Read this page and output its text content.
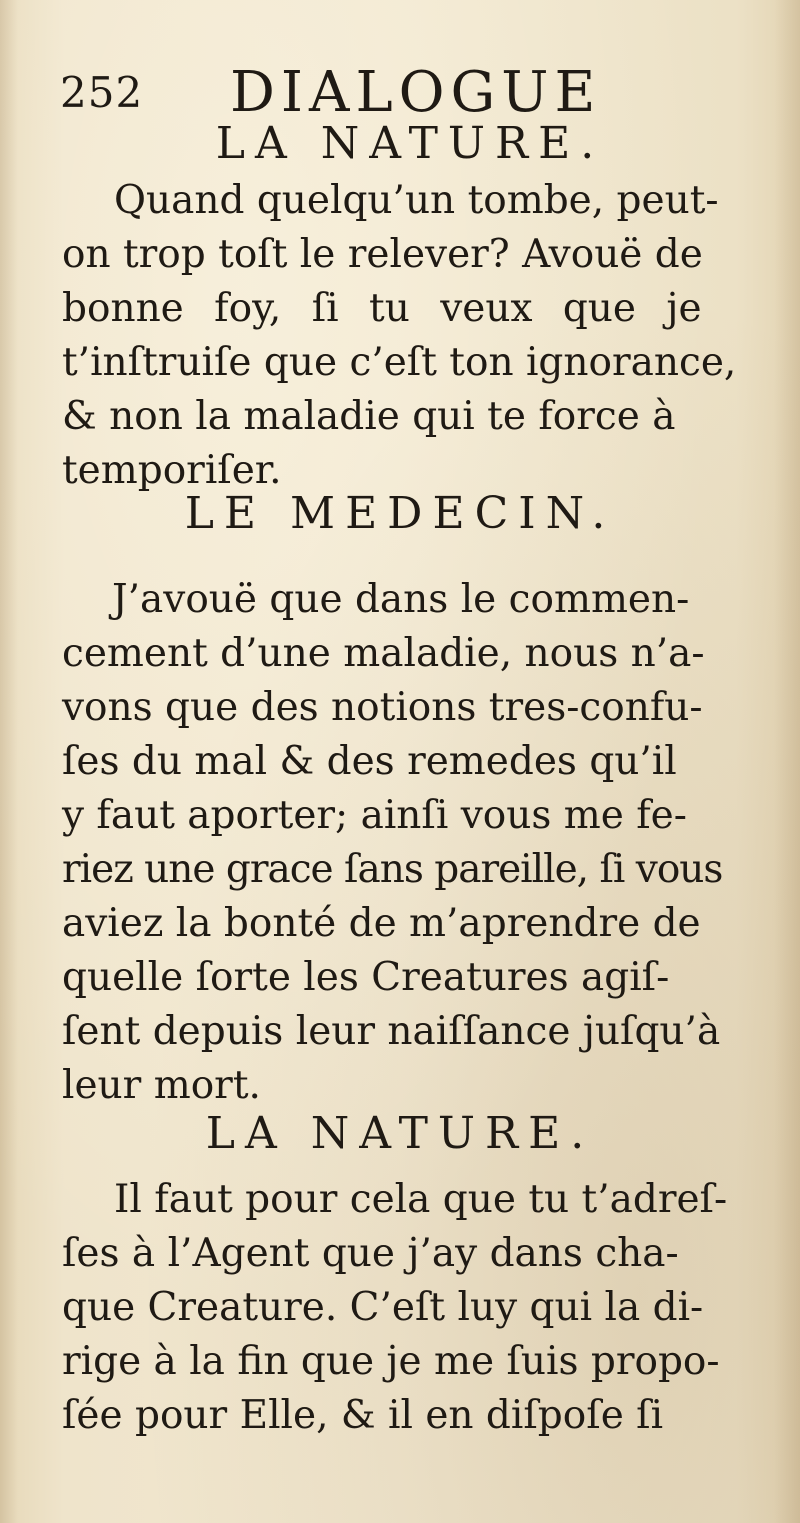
252 DIALOGUE
LA NATURE.
Quand quelqu’un tombe, peut-
on trop toſt le relever? Avouë de
bonne foy, ſi tu veux que je
t’inſtruiſe que c’eſt ton ignorance,
& non la maladie qui te force à
temporiſer.
LE MEDECIN.
J’avouë que dans le commen-
cement d’une maladie, nous n’a-
vons que des notions tres-confu-
ſes du mal & des remedes qu’il
y faut aporter; ainſi vous me fe-
riez une grace ſans pareille, ſi vous
aviez la bonté de m’aprendre de
quelle ſorte les Creatures agiſ-
ſent depuis leur naiſſance juſqu’à
leur mort.
LA NATURE.
Il faut pour cela que tu t’adreſ-
ſes à l’Agent que j’ay dans cha-
que Creature. C’eſt luy qui la di-
rige à la fin que je me ſuis propo-
ſée pour Elle, & il en diſpoſe ſi
